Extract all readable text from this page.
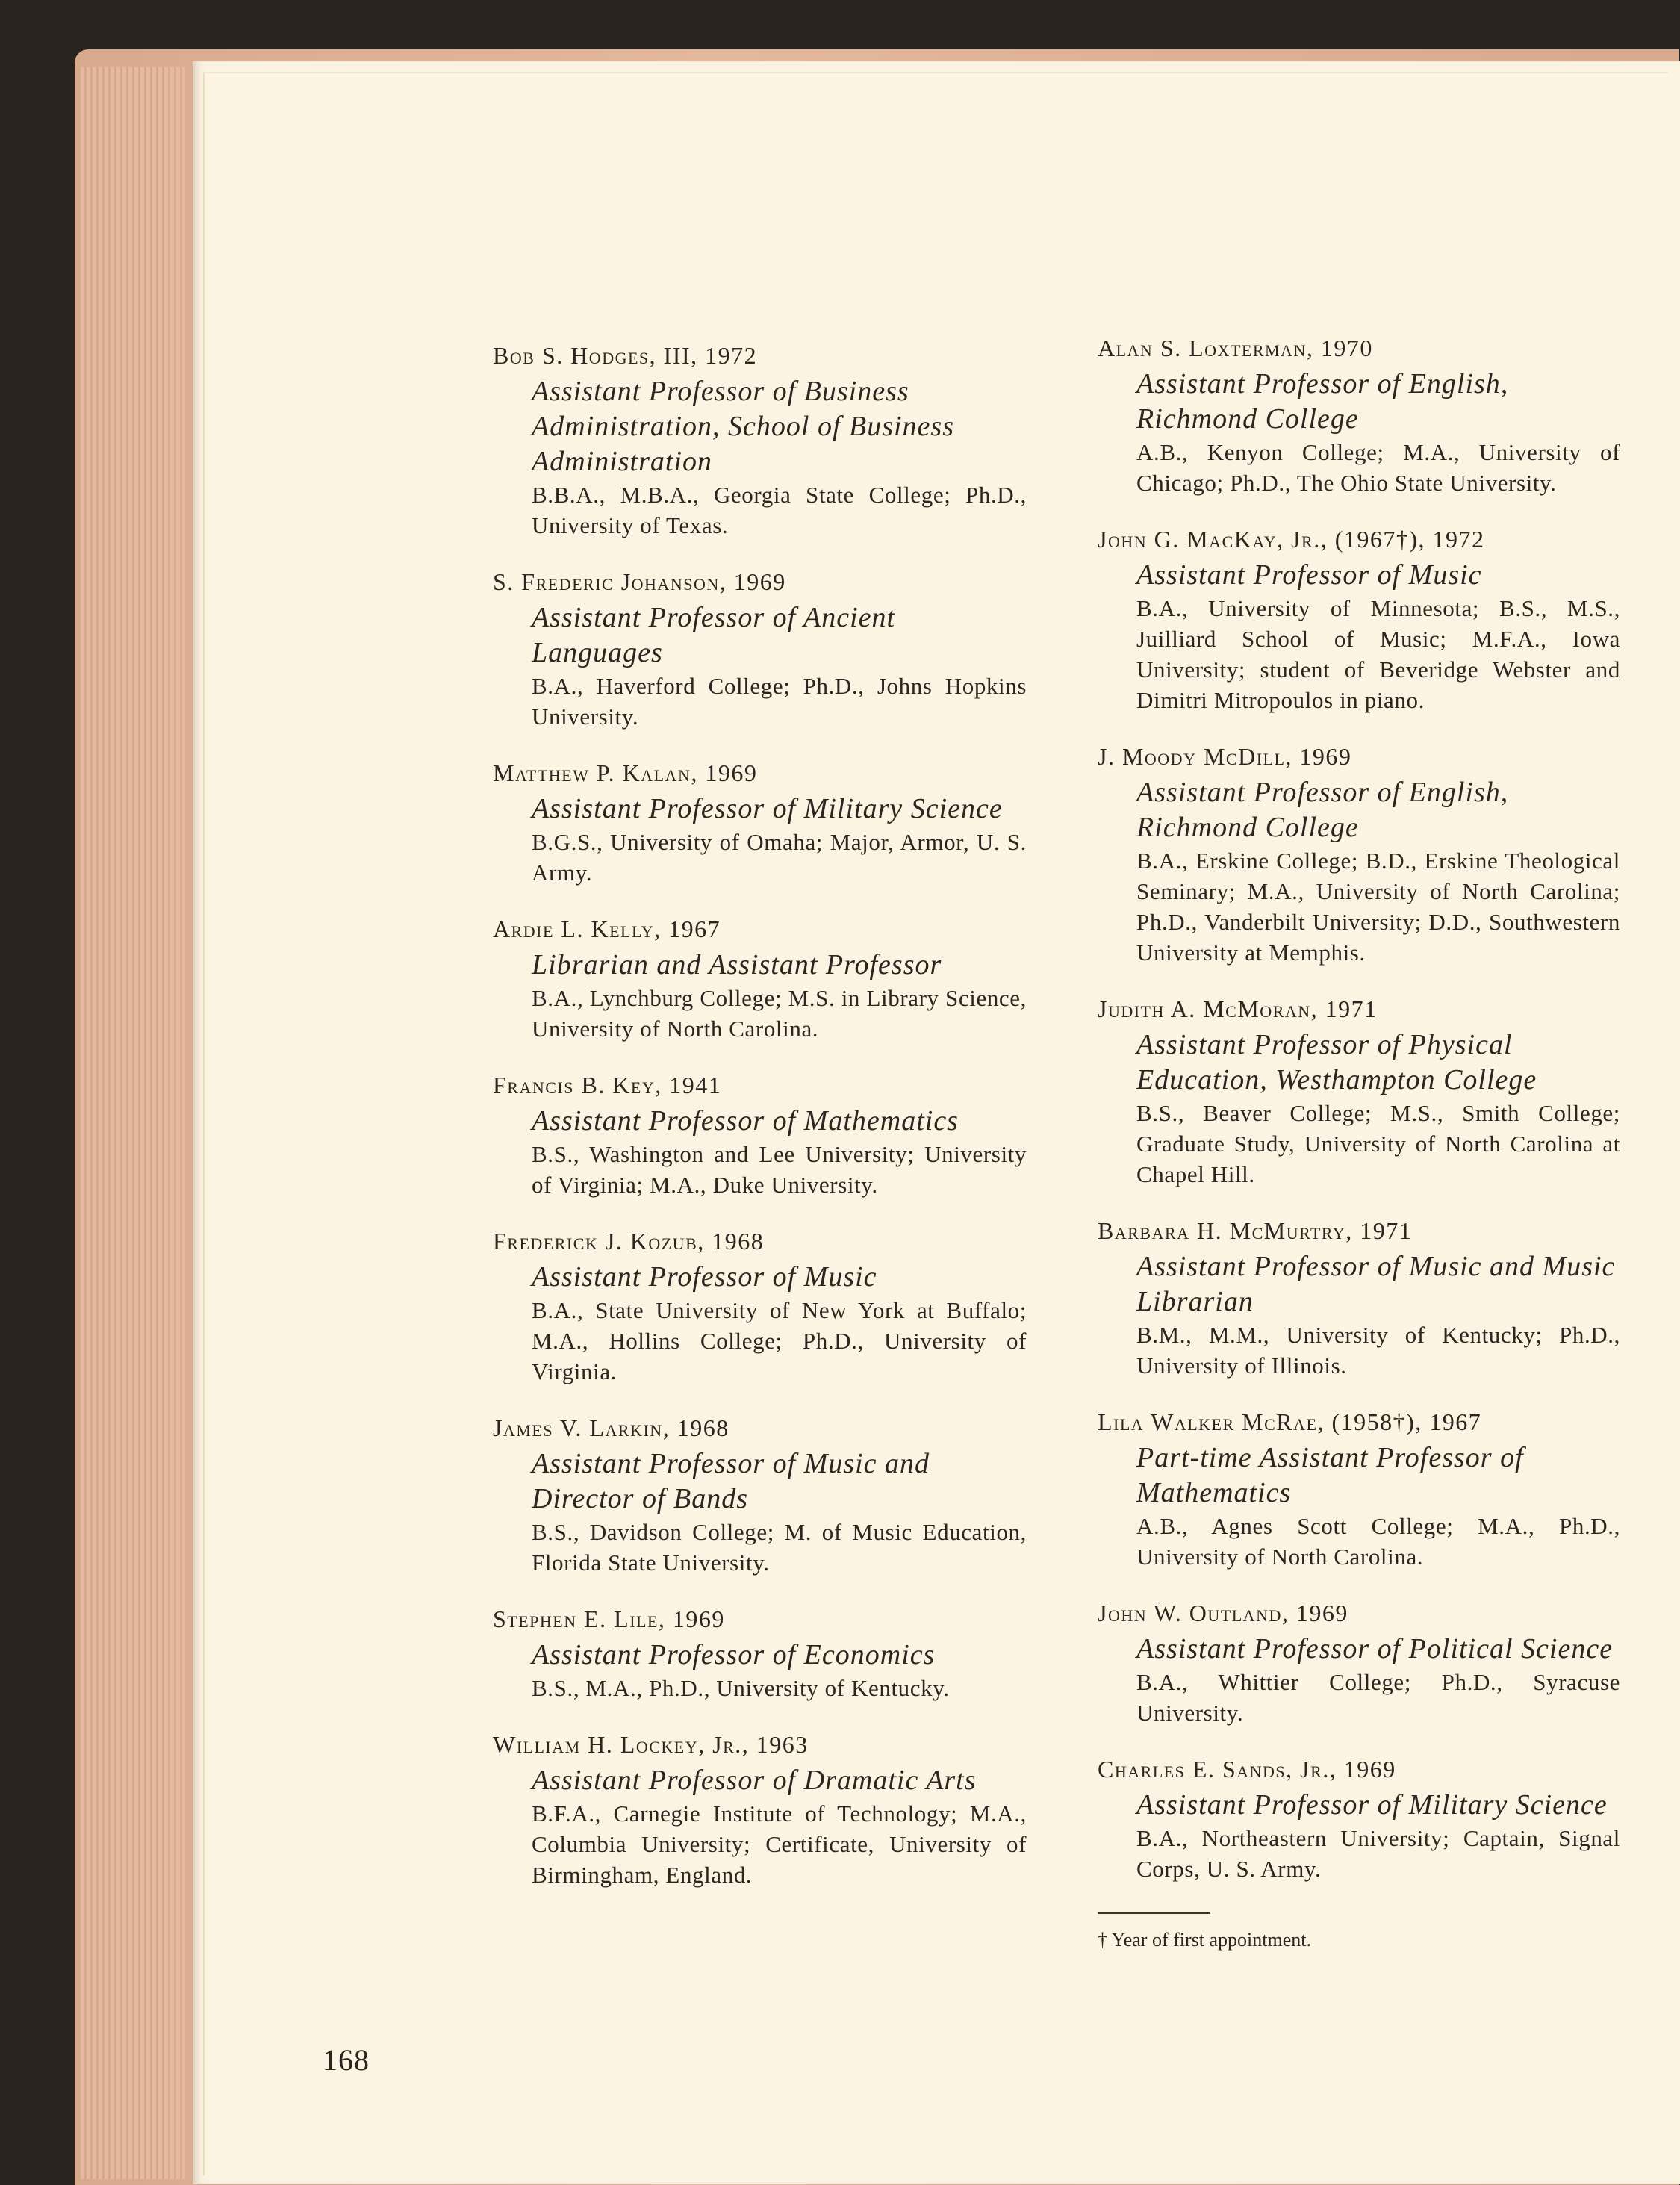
Bob S. Hodges, III, 1972
Assistant Professor of Business Administration, School of Business Administration
B.B.A., M.B.A., Georgia State College; Ph.D., University of Texas.
S. Frederic Johanson, 1969
Assistant Professor of Ancient Languages
B.A., Haverford College; Ph.D., Johns Hopkins University.
Matthew P. Kalan, 1969
Assistant Professor of Military Science
B.G.S., University of Omaha; Major, Armor, U. S. Army.
Ardie L. Kelly, 1967
Librarian and Assistant Professor
B.A., Lynchburg College; M.S. in Library Science, University of North Carolina.
Francis B. Key, 1941
Assistant Professor of Mathematics
B.S., Washington and Lee University; University of Virginia; M.A., Duke University.
Frederick J. Kozub, 1968
Assistant Professor of Music
B.A., State University of New York at Buffalo; M.A., Hollins College; Ph.D., University of Virginia.
James V. Larkin, 1968
Assistant Professor of Music and Director of Bands
B.S., Davidson College; M. of Music Education, Florida State University.
Stephen E. Lile, 1969
Assistant Professor of Economics
B.S., M.A., Ph.D., University of Kentucky.
William H. Lockey, Jr., 1963
Assistant Professor of Dramatic Arts
B.F.A., Carnegie Institute of Technology; M.A., Columbia University; Certificate, University of Birmingham, England.
Alan S. Loxterman, 1970
Assistant Professor of English, Richmond College
A.B., Kenyon College; M.A., University of Chicago; Ph.D., The Ohio State University.
John G. MacKay, Jr., (1967†), 1972
Assistant Professor of Music
B.A., University of Minnesota; B.S., M.S., Juilliard School of Music; M.F.A., Iowa University; student of Beveridge Webster and Dimitri Mitropoulos in piano.
J. Moody McDill, 1969
Assistant Professor of English, Richmond College
B.A., Erskine College; B.D., Erskine Theological Seminary; M.A., University of North Carolina; Ph.D., Vanderbilt University; D.D., Southwestern University at Memphis.
Judith A. McMoran, 1971
Assistant Professor of Physical Education, Westhampton College
B.S., Beaver College; M.S., Smith College; Graduate Study, University of North Carolina at Chapel Hill.
Barbara H. McMurtry, 1971
Assistant Professor of Music and Music Librarian
B.M., M.M., University of Kentucky; Ph.D., University of Illinois.
Lila Walker McRae, (1958†), 1967
Part-time Assistant Professor of Mathematics
A.B., Agnes Scott College; M.A., Ph.D., University of North Carolina.
John W. Outland, 1969
Assistant Professor of Political Science
B.A., Whittier College; Ph.D., Syracuse University.
Charles E. Sands, Jr., 1969
Assistant Professor of Military Science
B.A., Northeastern University; Captain, Signal Corps, U. S. Army.
168
† Year of first appointment.
